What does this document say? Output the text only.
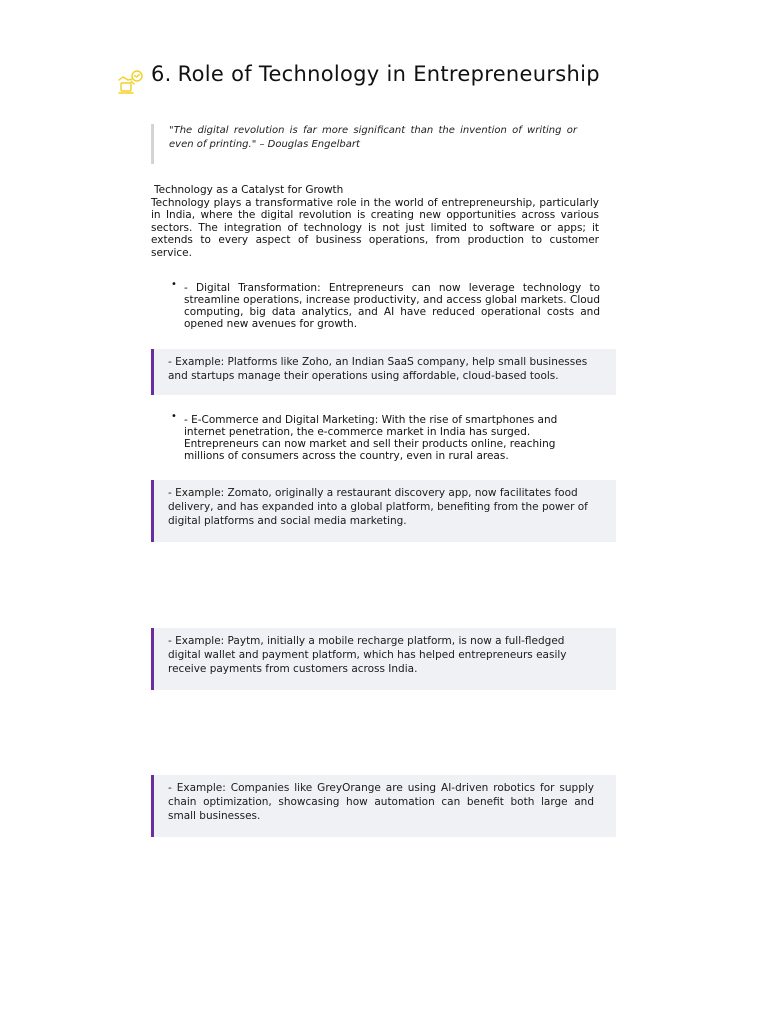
6. Role of Technology in Entrepreneurship
"The digital revolution is far more significant than the invention of writing or even of printing." – Douglas Engelbart
Technology as a Catalyst for Growth

Technology plays a transformative role in the world of entrepreneurship, particularly in India, where the digital revolution is creating new opportunities across various sectors. The integration of technology is not just limited to software or apps; it extends to every aspect of business operations, from production to customer service.

• - Digital Transformation: Entrepreneurs can now leverage technology to streamline operations, increase productivity, and access global markets. Cloud computing, big data analytics, and AI have reduced operational costs and opened new avenues for growth.
- Example: Platforms like Zoho, an Indian SaaS company, help small businesses and startups manage their operations using affordable, cloud-based tools.
• - E-Commerce and Digital Marketing: With the rise of smartphones and internet penetration, the e-commerce market in India has surged. Entrepreneurs can now market and sell their products online, reaching millions of consumers across the country, even in rural areas.
- Example: Zomato, originally a restaurant discovery app, now facilitates food delivery, and has expanded into a global platform, benefiting from the power of digital platforms and social media marketing.
- Example: Paytm, initially a mobile recharge platform, is now a full-fledged digital wallet and payment platform, which has helped entrepreneurs easily receive payments from customers across India.
- Example: Companies like GreyOrange are using AI-driven robotics for supply chain optimization, showcasing how automation can benefit both large and small businesses.
